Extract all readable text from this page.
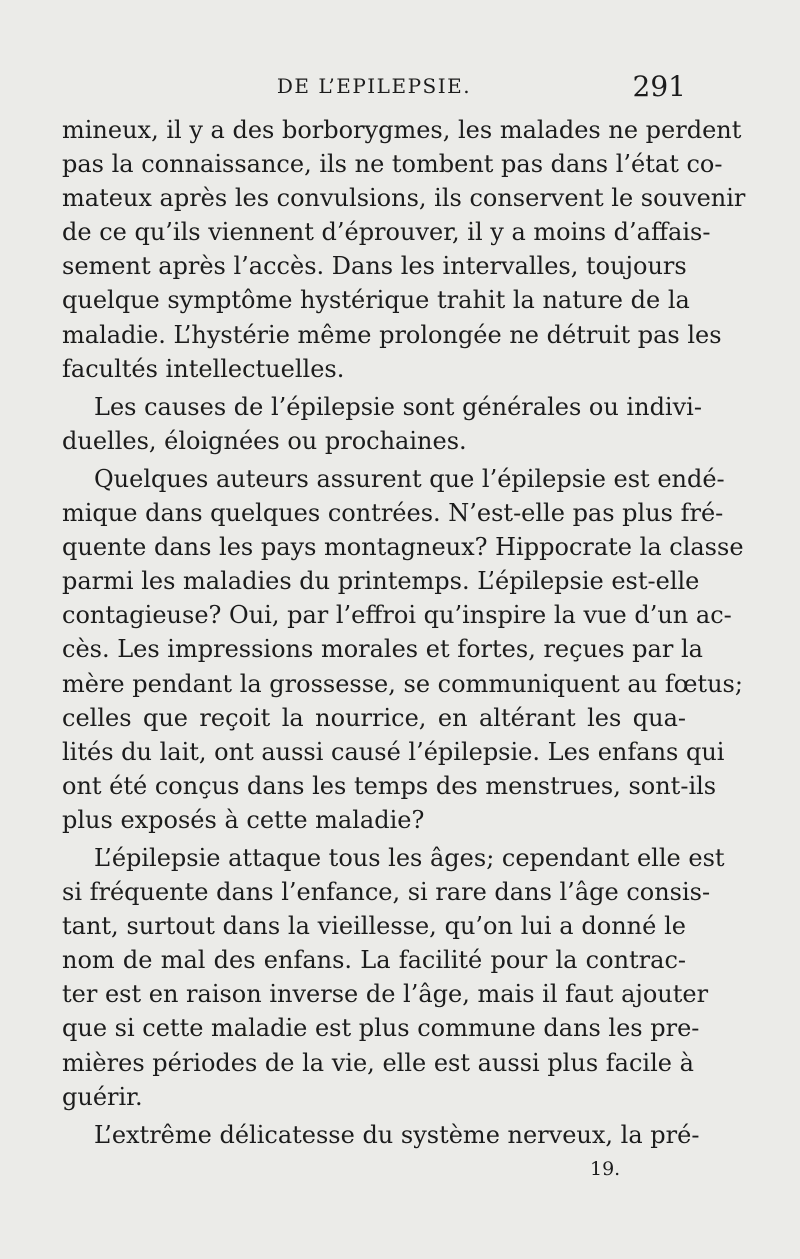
DE L’EPILEPSIE.	291
mineux, il y a des borborygmes, les malades ne perdent
pas la connaissance, ils ne tombent pas dans l’état co-
mateux après les convulsions, ils conservent le souvenir
de ce qu’ils viennent d’éprouver, il y a moins d’affais-
sement après l’accès. Dans les intervalles, toujours
quelque symptôme hystérique trahit la nature de la
maladie. L’hystérie même prolongée ne détruit pas les
facultés intellectuelles.
Les causes de l’épilepsie sont générales ou indivi-
duelles, éloignées ou prochaines.
Quelques auteurs assurent que l’épilepsie est endé-
mique dans quelques contrées. N’est-elle pas plus fré-
quente dans les pays montagneux? Hippocrate la classe
parmi les maladies du printemps. L’épilepsie est-elle
contagieuse? Oui, par l’effroi qu’inspire la vue d’un ac-
cès. Les impressions morales et fortes, reçues par la
mère pendant la grossesse, se communiquent au fœtus;
celles que reçoit la nourrice, en altérant les qua-
lités du lait, ont aussi causé l’épilepsie. Les enfans qui
ont été conçus dans les temps des menstrues, sont-ils
plus exposés à cette maladie?
L’épilepsie attaque tous les âges; cependant elle est
si fréquente dans l’enfance, si rare dans l’âge consis-
tant, surtout dans la vieillesse, qu’on lui a donné le
nom de mal des enfans. La facilité pour la contrac-
ter est en raison inverse de l’âge, mais il faut ajouter
que si cette maladie est plus commune dans les pre-
mières périodes de la vie, elle est aussi plus facile à
guérir.
L’extrême délicatesse du système nerveux, la pré-
19.
